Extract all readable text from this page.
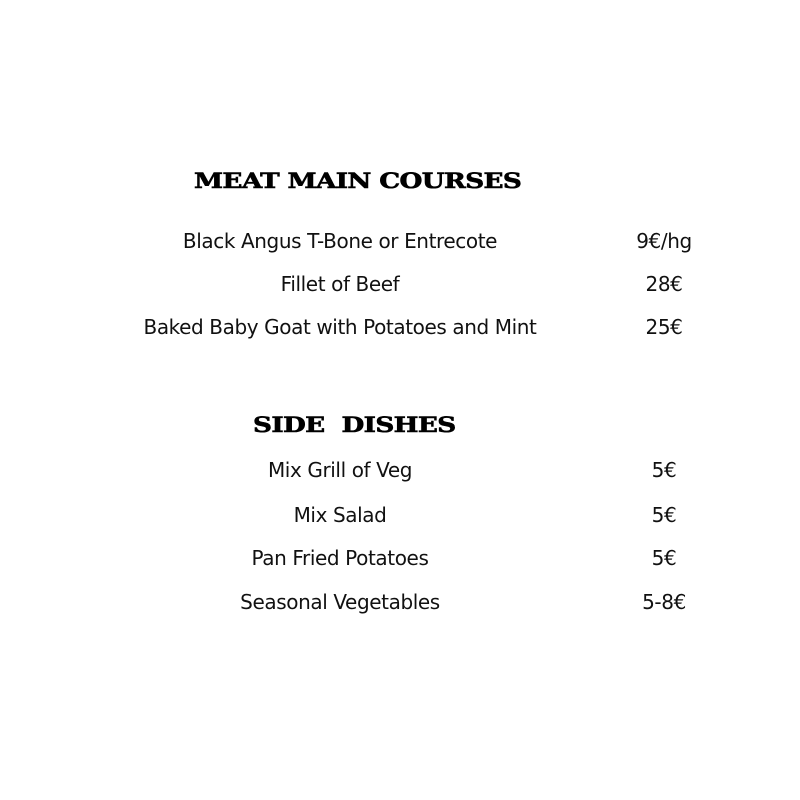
MEAT MAIN COURSES
Black Angus T-Bone or Entrecote	9€/hg
Fillet of Beef	28€
Baked Baby Goat with Potatoes and Mint	25€
SIDE  DISHES
Mix Grill of Veg	5€
Mix Salad	5€
Pan Fried Potatoes	5€
Seasonal Vegetables	5-8€
